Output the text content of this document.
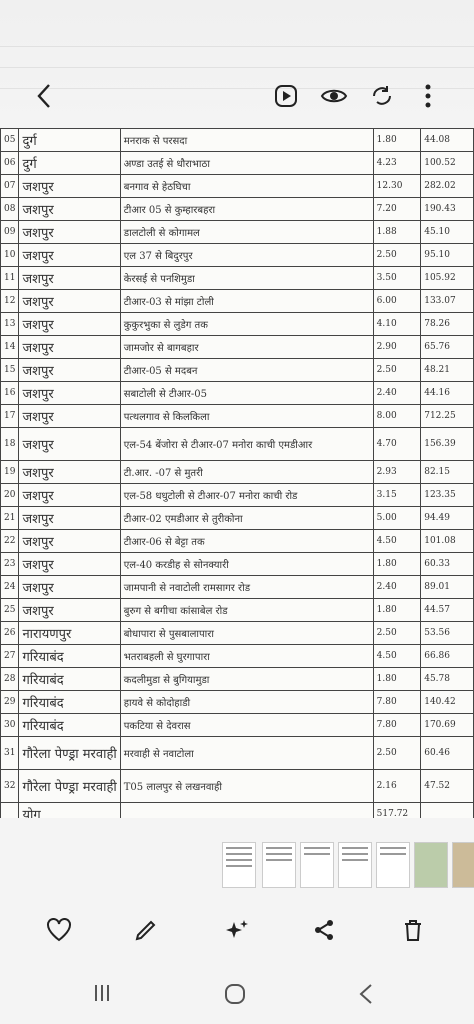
05	दुर्ग	मनराक से परसदा	1.80	44.08
06	दुर्ग	अण्डा उतई से धौराभाठा	4.23	100.52
07	जशपुर	बनगाव से हेठघिचा	12.30	282.02
08	जशपुर	टीआर 05 से कुम्हारबहरा	7.20	190.43
09	जशपुर	डालटोली से कोगामल	1.88	45.10
10	जशपुर	एल 37 से बिदुरपुर	2.50	95.10
11	जशपुर	केरसई से पनशिमुडा	3.50	105.92
12	जशपुर	टीआर-03 से मांझा टोली	6.00	133.07
13	जशपुर	कुकुरभुका से लुडेग तक	4.10	78.26
14	जशपुर	जामजोर से बागबहार	2.90	65.76
15	जशपुर	टीआर-05 से मदबन	2.50	48.21
16	जशपुर	सबाटोली से टीआर-05	2.40	44.16
17	जशपुर	पत्थलगाव से किलकिला	8.00	712.25
18	जशपुर	एल-54 बेंजोरा से टीआर-07 मनोरा काची एमडीआर	4.70	156.39
19	जशपुर	टी.आर. -07 से मुतरी	2.93	82.15
20	जशपुर	एल-58 धधुटोली से टीआर-07 मनोरा काची रोड	3.15	123.35
21	जशपुर	टीआर-02 एमडीआर से तुरीकोना	5.00	94.49
22	जशपुर	टीआर-06 से बेट्टा तक	4.50	101.08
23	जशपुर	एल-40 करडीह से सोनक्यारी	1.80	60.33
24	जशपुर	जामपानी से नवाटोली रामसागर रोड	2.40	89.01
25	जशपुर	बुरुग से बगीचा कांसाबेल रोड	1.80	44.57
26	नारायणपुर	बोधापारा से पुसबालापारा	2.50	53.56
27	गरियाबंद	भतराबहली से घुरगापारा	4.50	66.86
28	गरियाबंद	कदलीमुडा से बुगियामुडा	1.80	45.78
29	गरियाबंद	हायवे से कोदोहाडी	7.80	140.42
30	गरियाबंद	पकटिया से देवरास	7.80	170.69
31	गौरेला पेण्ड्रा मरवाही	मरवाही से नवाटोला	2.50	60.46
32	गौरेला पेण्ड्रा मरवाही	T05 लालपुर से लखनवाही	2.16	47.52
	योग		517.72	
